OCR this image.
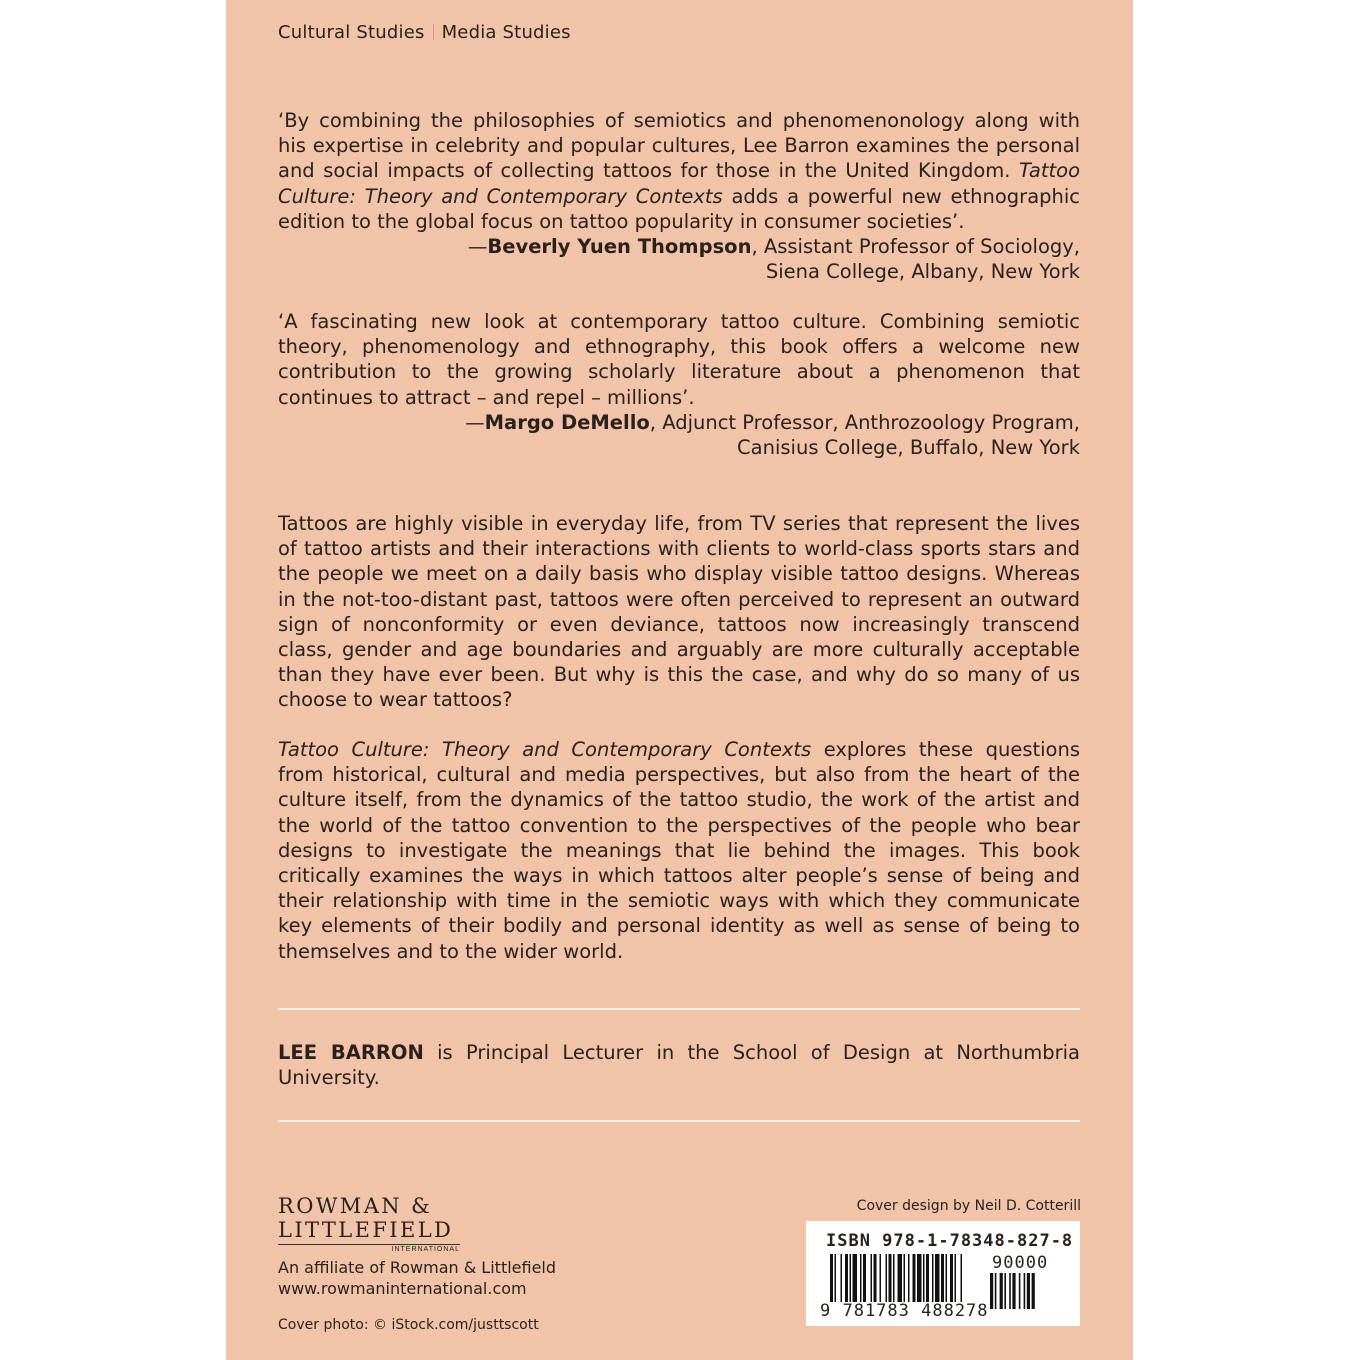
Cultural Studies Media Studies

‘By combining the philosophies of semiotics and phenomenonology along with his expertise in celebrity and popular cultures, Lee Barron examines the personal and social impacts of collecting tattoos for those in the United Kingdom. Tattoo Culture: Theory and Contemporary Contexts adds a powerful new ethnographic edition to the global focus on tattoo popularity in consumer societies’.
—Beverly Yuen Thompson, Assistant Professor of Sociology,
Siena College, Albany, New York

‘A fascinating new look at contemporary tattoo culture. Combining semiotic theory, phenomenology and ethnography, this book offers a welcome new contribution to the growing scholarly literature about a phenomenon that continues to attract – and repel – millions’.
—Margo DeMello, Adjunct Professor, Anthrozoology Program,
Canisius College, Buffalo, New York

Tattoos are highly visible in everyday life, from TV series that represent the lives of tattoo artists and their interactions with clients to world-class sports stars and the people we meet on a daily basis who display visible tattoo designs. Whereas in the not-too-distant past, tattoos were often perceived to represent an outward sign of nonconformity or even deviance, tattoos now increasingly transcend class, gender and age boundaries and arguably are more culturally acceptable than they have ever been. But why is this the case, and why do so many of us choose to wear tattoos?

Tattoo Culture: Theory and Contemporary Contexts explores these questions from historical, cultural and media perspectives, but also from the heart of the culture itself, from the dynamics of the tattoo studio, the work of the artist and the world of the tattoo convention to the perspectives of the people who bear designs to investigate the meanings that lie behind the images. This book critically examines the ways in which tattoos alter people’s sense of being and their relationship with time in the semiotic ways with which they communicate key elements of their bodily and personal identity as well as sense of being to themselves and to the wider world.

LEE BARRON is Principal Lecturer in the School of Design at Northumbria University.

ROWMAN &
LITTLEFIELD
INTERNATIONAL
An affiliate of Rowman & Littlefield
www.rowmaninternational.com
Cover photo: © iStock.com/justtscott
Cover design by Neil D. Cotterill
ISBN 978-1-78348-827-8
90000
9 781783 488278
